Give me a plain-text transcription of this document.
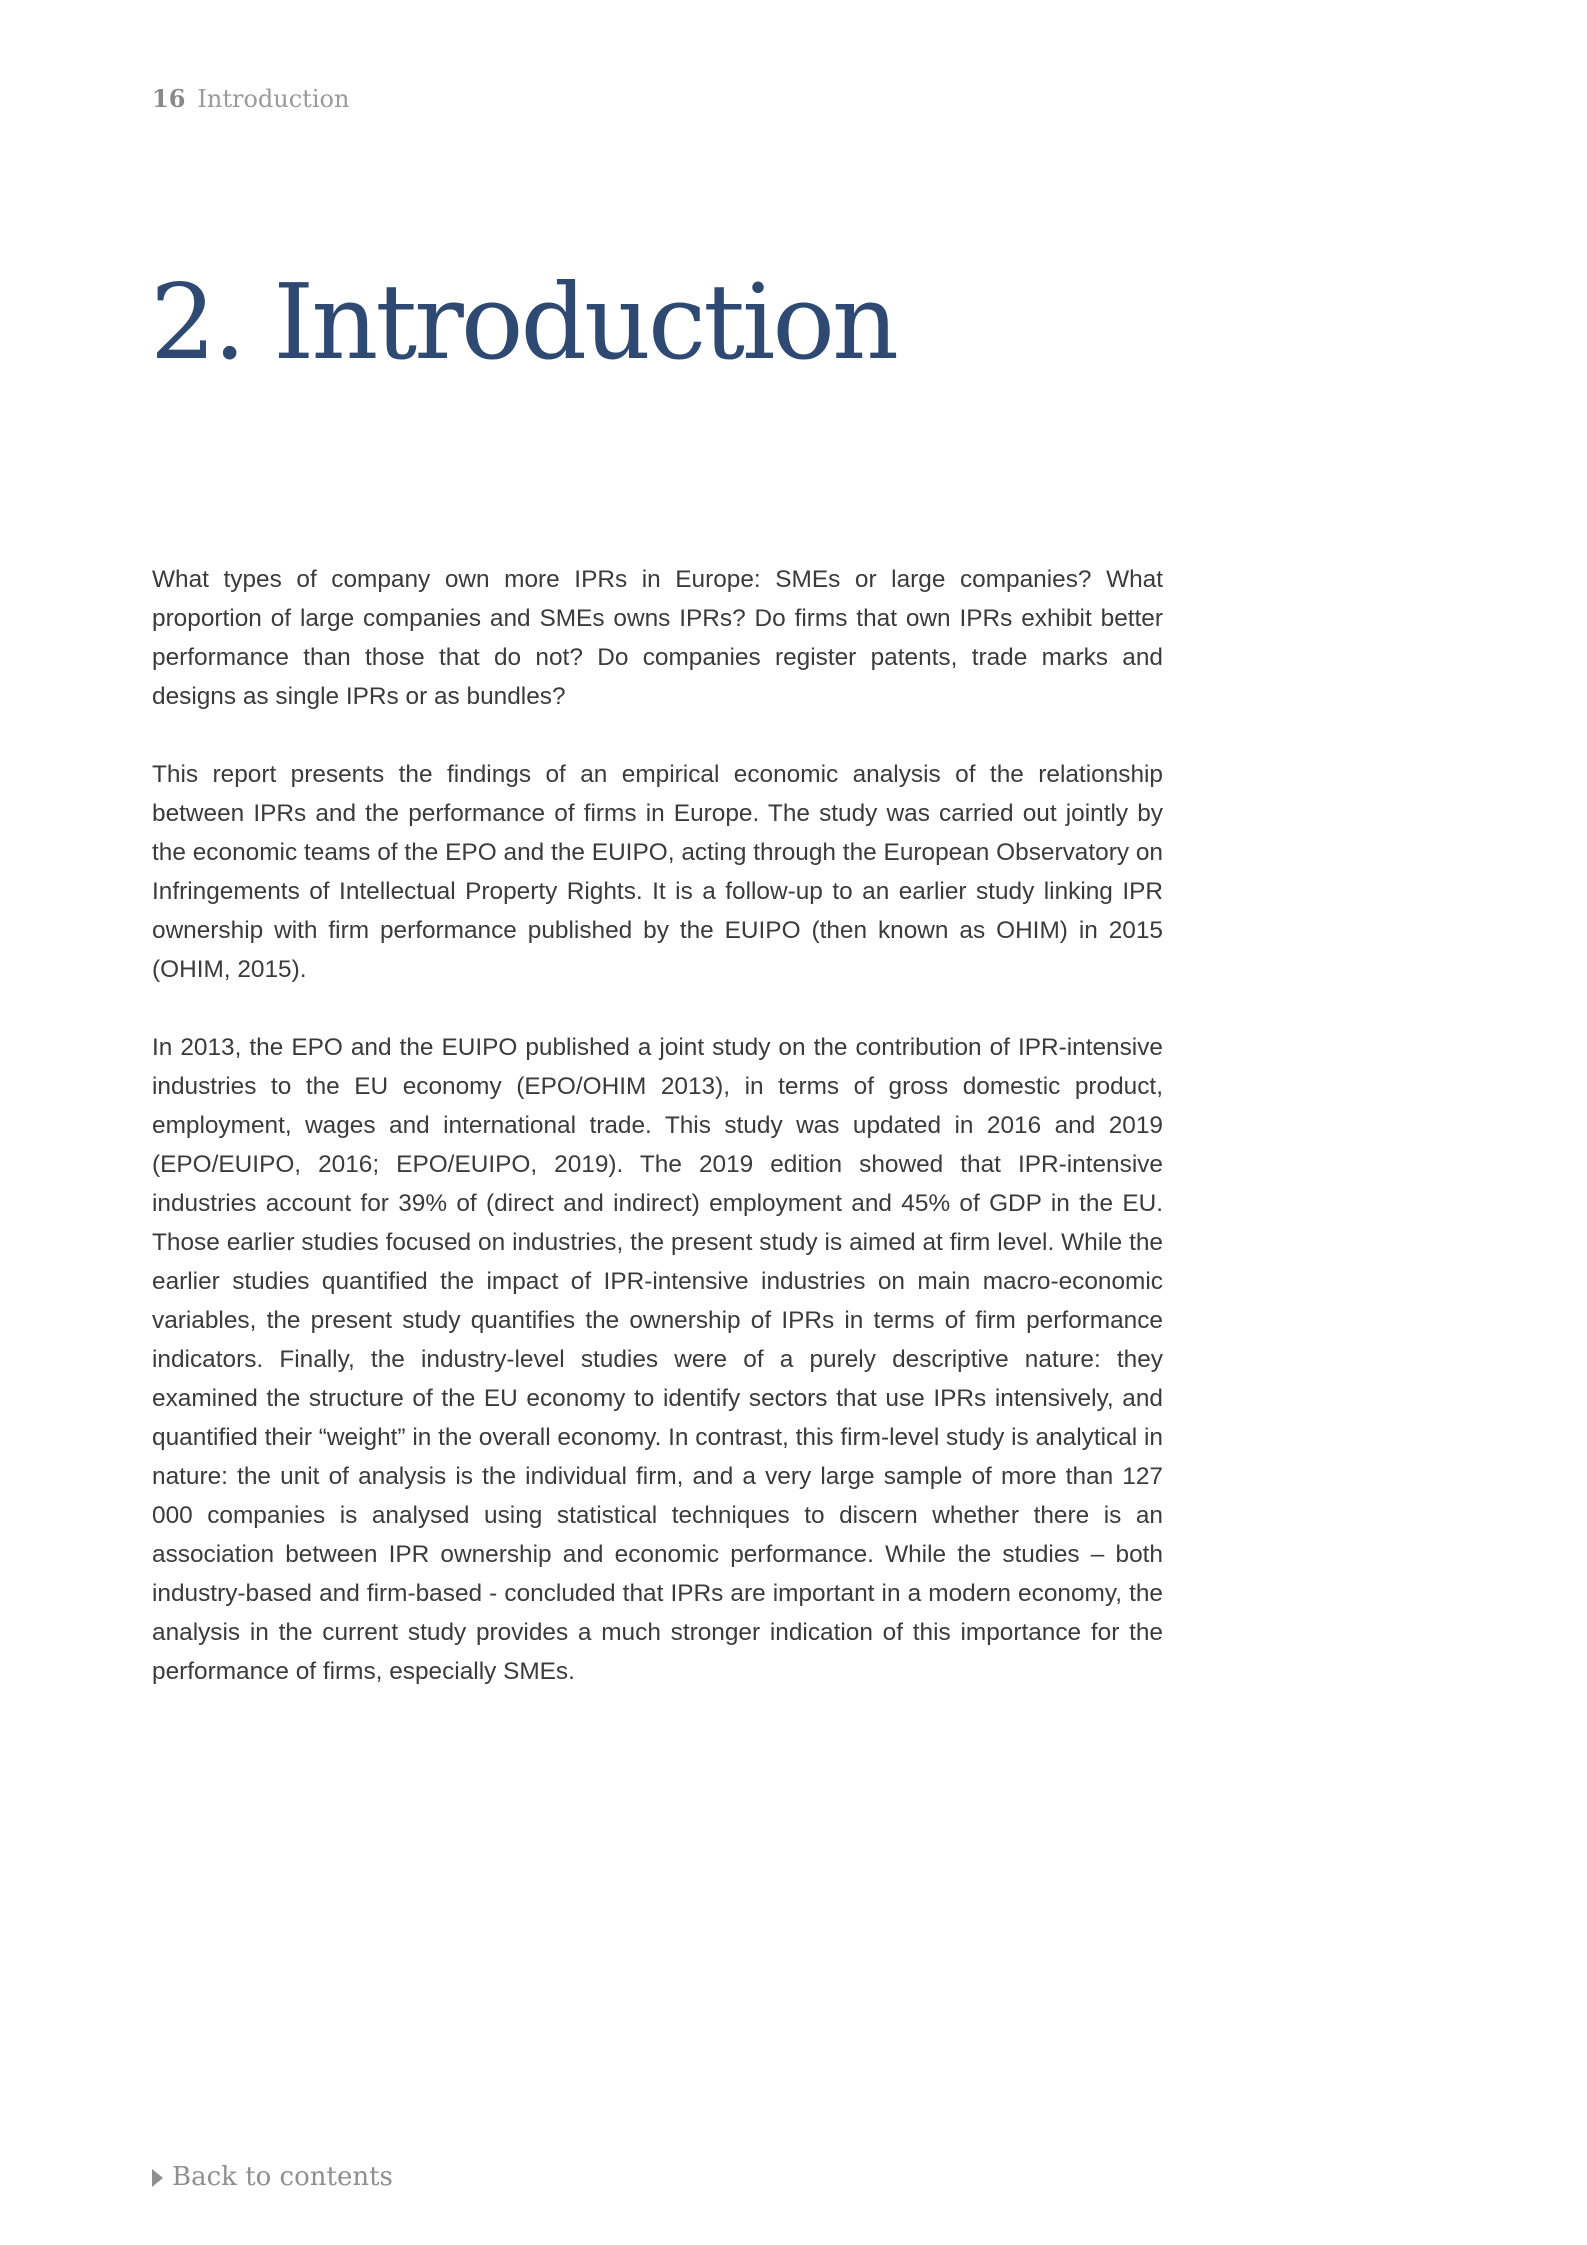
16 Introduction
2. Introduction

What types of company own more IPRs in Europe: SMEs or large companies? What proportion of large companies and SMEs owns IPRs? Do firms that own IPRs exhibit better performance than those that do not? Do companies register patents, trade marks and designs as single IPRs or as bundles?

This report presents the findings of an empirical economic analysis of the relationship between IPRs and the performance of firms in Europe. The study was carried out jointly by the economic teams of the EPO and the EUIPO, acting through the European Observatory on Infringements of Intellectual Property Rights. It is a follow-up to an earlier study linking IPR ownership with firm performance published by the EUIPO (then known as OHIM) in 2015 (OHIM, 2015).

In 2013, the EPO and the EUIPO published a joint study on the contribution of IPR-intensive industries to the EU economy (EPO/OHIM 2013), in terms of gross domestic product, employment, wages and international trade. This study was updated in 2016 and 2019 (EPO/EUIPO, 2016; EPO/EUIPO, 2019). The 2019 edition showed that IPR-intensive industries account for 39% of (direct and indirect) employment and 45% of GDP in the EU. Those earlier studies focused on industries, the present study is aimed at firm level. While the earlier studies quantified the impact of IPR-intensive industries on main macro-economic variables, the present study quantifies the ownership of IPRs in terms of firm performance indicators. Finally, the industry-level studies were of a purely descriptive nature: they examined the structure of the EU economy to identify sectors that use IPRs intensively, and quantified their “weight” in the overall economy. In contrast, this firm-level study is analytical in nature: the unit of analysis is the individual firm, and a very large sample of more than 127 000 companies is analysed using statistical techniques to discern whether there is an association between IPR ownership and economic performance. While the studies – both industry-based and firm-based - concluded that IPRs are important in a modern economy, the analysis in the current study provides a much stronger indication of this importance for the performance of firms, especially SMEs.

Back to contents
